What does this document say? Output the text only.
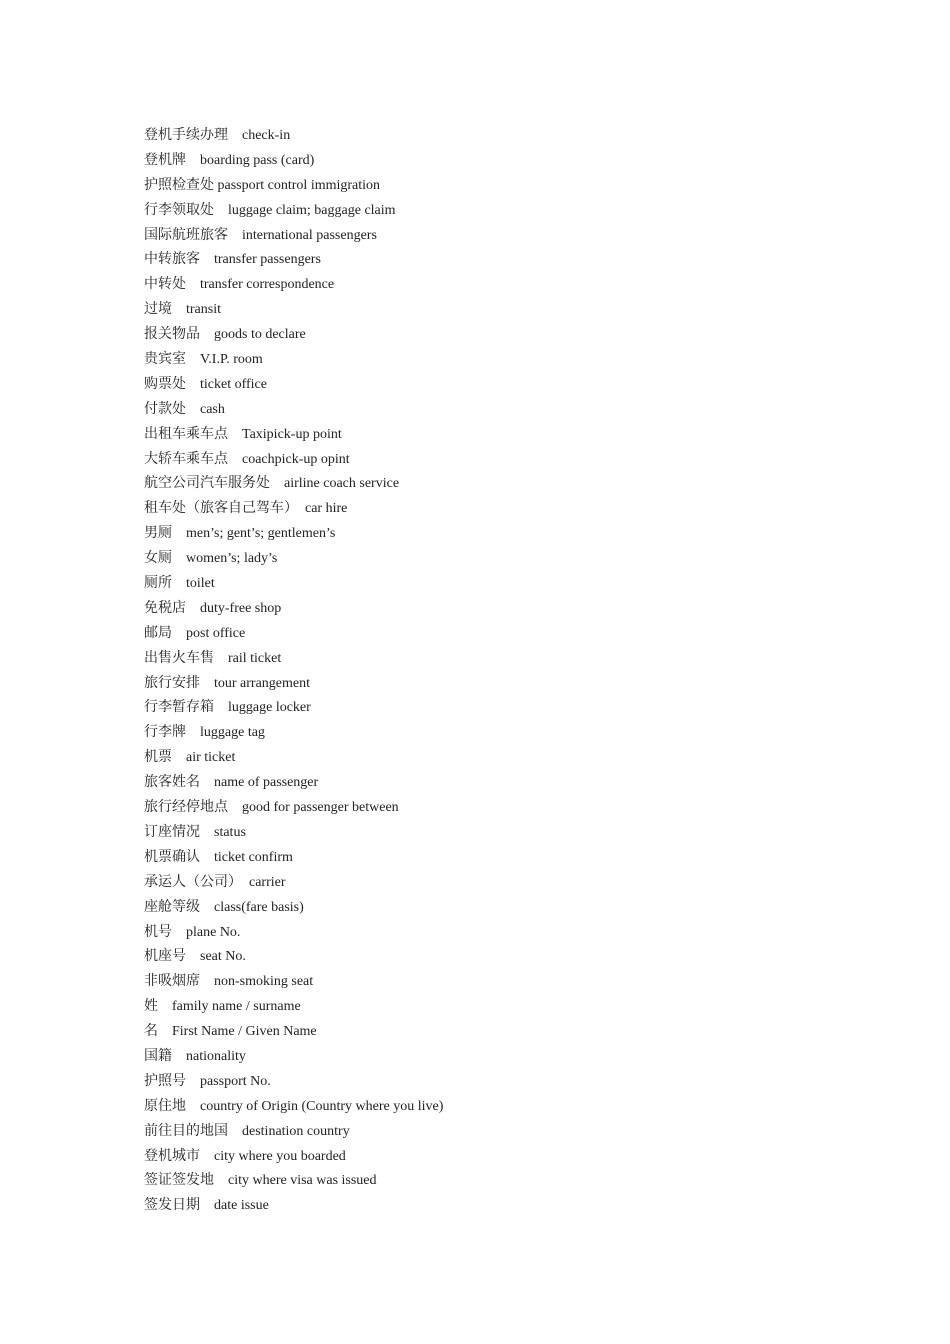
登机手续办理　check-in
登机牌　boarding pass (card)
护照检查处 passport control immigration
行李领取处　luggage claim; baggage claim
国际航班旅客　international passengers
中转旅客　transfer passengers
中转处　transfer correspondence
过境　transit
报关物品　goods to declare
贵宾室　V.I.P. room
购票处　ticket office
付款处　cash
出租车乘车点　Taxipick-up point
大轿车乘车点　coachpick-up opint
航空公司汽车服务处　airline coach service
租车处（旅客自己驾车）　car hire
男厕　men’s; gent’s; gentlemen’s
女厕　women’s; lady’s
厕所　toilet
免税店　duty-free shop
邮局　post office
出售火车售　rail ticket
旅行安排　tour arrangement
行李暂存箱　luggage locker
行李牌　luggage tag
机票　air ticket
旅客姓名　name of passenger
旅行经停地点　good for passenger between
订座情况　status
机票确认　ticket confirm
承运人（公司）　carrier
座舱等级　class(fare basis)
机号　plane No.
机座号　seat No.
非吸烟席　non-smoking seat
姓　family name / surname
名　First Name / Given Name
国籍　nationality
护照号　passport No.
原住地　country of Origin (Country where you live)
前往目的地国　destination country
登机城市　city where you boarded
签证签发地　city where visa was issued
签发日期　date issue
